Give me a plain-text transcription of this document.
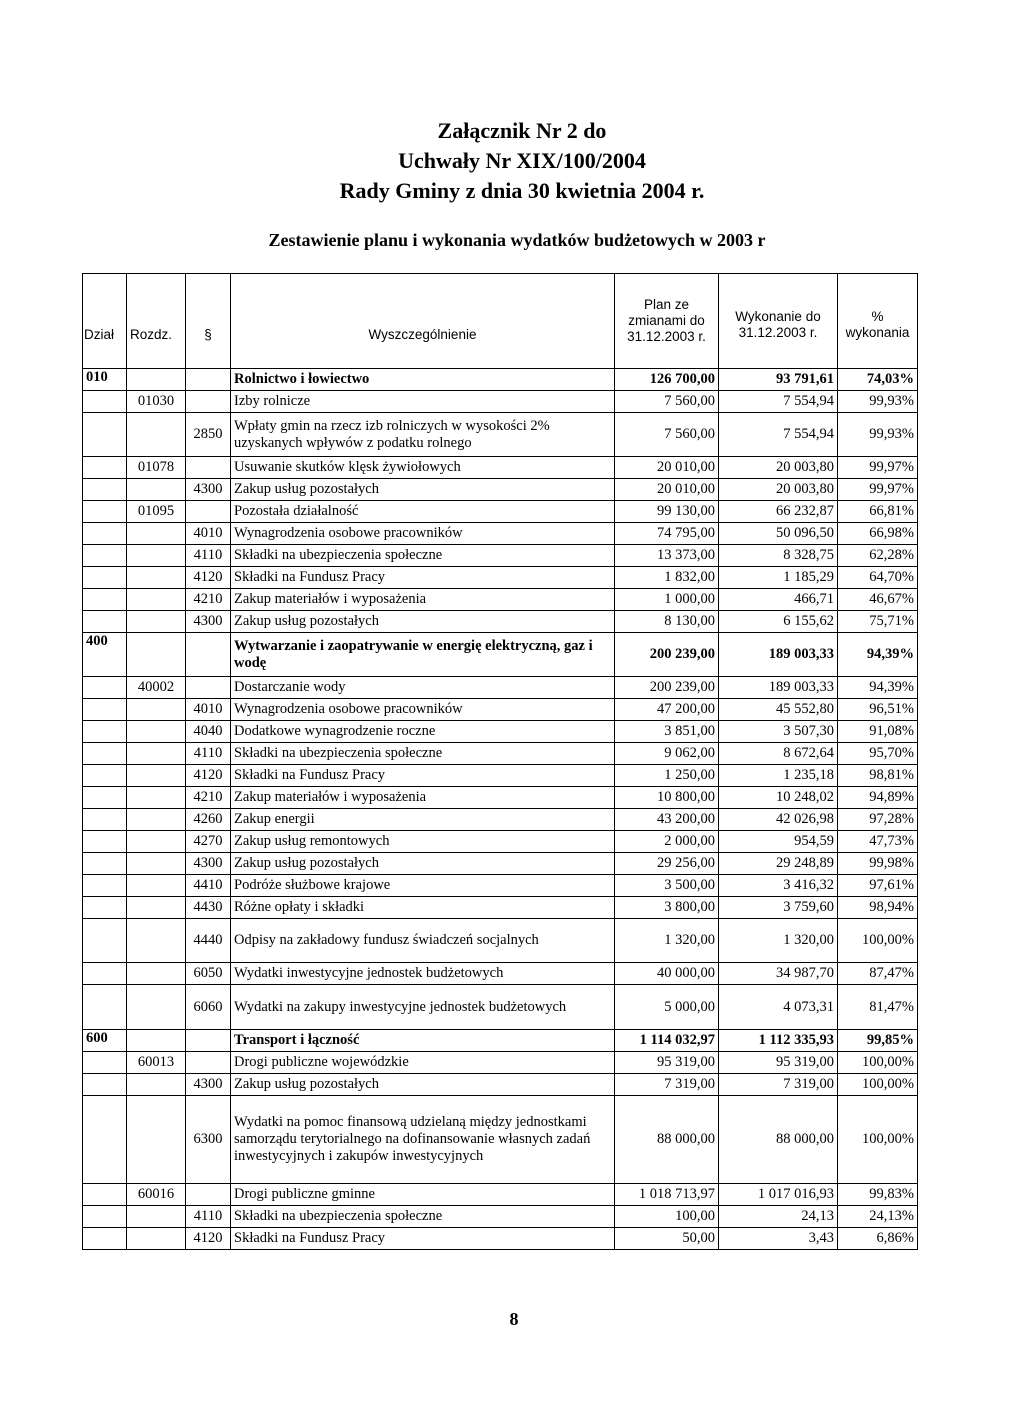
Załącznik Nr 2 do
Uchwały Nr XIX/100/2004
Rady Gminy z dnia 30 kwietnia 2004 r.
Zestawienie planu i wykonania wydatków budżetowych w 2003 r
Dział	Rozdz.	§	Wyszczególnienie	Plan ze zmianami do 31.12.2003 r.	Wykonanie do 31.12.2003 r.	% wykonania
010			Rolnictwo i łowiectwo	126 700,00	93 791,61	74,03%
	01030		Izby rolnicze	7 560,00	7 554,94	99,93%
		2850	Wpłaty gmin na rzecz izb rolniczych w wysokości 2% uzyskanych wpływów z podatku rolnego	7 560,00	7 554,94	99,93%
	01078		Usuwanie skutków klęsk żywiołowych	20 010,00	20 003,80	99,97%
		4300	Zakup usług pozostałych	20 010,00	20 003,80	99,97%
	01095		Pozostała działalność	99 130,00	66 232,87	66,81%
		4010	Wynagrodzenia osobowe pracowników	74 795,00	50 096,50	66,98%
		4110	Składki na ubezpieczenia społeczne	13 373,00	8 328,75	62,28%
		4120	Składki na Fundusz Pracy	1 832,00	1 185,29	64,70%
		4210	Zakup materiałów i wyposażenia	1 000,00	466,71	46,67%
		4300	Zakup usług pozostałych	8 130,00	6 155,62	75,71%
400			Wytwarzanie i zaopatrywanie w energię elektryczną, gaz i wodę	200 239,00	189 003,33	94,39%
	40002		Dostarczanie wody	200 239,00	189 003,33	94,39%
		4010	Wynagrodzenia osobowe pracowników	47 200,00	45 552,80	96,51%
		4040	Dodatkowe wynagrodzenie roczne	3 851,00	3 507,30	91,08%
		4110	Składki na ubezpieczenia społeczne	9 062,00	8 672,64	95,70%
		4120	Składki na Fundusz Pracy	1 250,00	1 235,18	98,81%
		4210	Zakup materiałów i wyposażenia	10 800,00	10 248,02	94,89%
		4260	Zakup energii	43 200,00	42 026,98	97,28%
		4270	Zakup usług remontowych	2 000,00	954,59	47,73%
		4300	Zakup usług pozostałych	29 256,00	29 248,89	99,98%
		4410	Podróże służbowe krajowe	3 500,00	3 416,32	97,61%
		4430	Różne opłaty i składki	3 800,00	3 759,60	98,94%
		4440	Odpisy na zakładowy fundusz świadczeń socjalnych	1 320,00	1 320,00	100,00%
		6050	Wydatki inwestycyjne jednostek budżetowych	40 000,00	34 987,70	87,47%
		6060	Wydatki na zakupy inwestycyjne jednostek budżetowych	5 000,00	4 073,31	81,47%
600			Transport i łączność	1 114 032,97	1 112 335,93	99,85%
	60013		Drogi publiczne wojewódzkie	95 319,00	95 319,00	100,00%
		4300	Zakup usług pozostałych	7 319,00	7 319,00	100,00%
		6300	Wydatki na pomoc finansową udzielaną między jednostkami samorządu terytorialnego na dofinansowanie własnych zadań inwestycyjnych i zakupów inwestycyjnych	88 000,00	88 000,00	100,00%
	60016		Drogi publiczne gminne	1 018 713,97	1 017 016,93	99,83%
		4110	Składki na ubezpieczenia społeczne	100,00	24,13	24,13%
		4120	Składki na Fundusz Pracy	50,00	3,43	6,86%
8
